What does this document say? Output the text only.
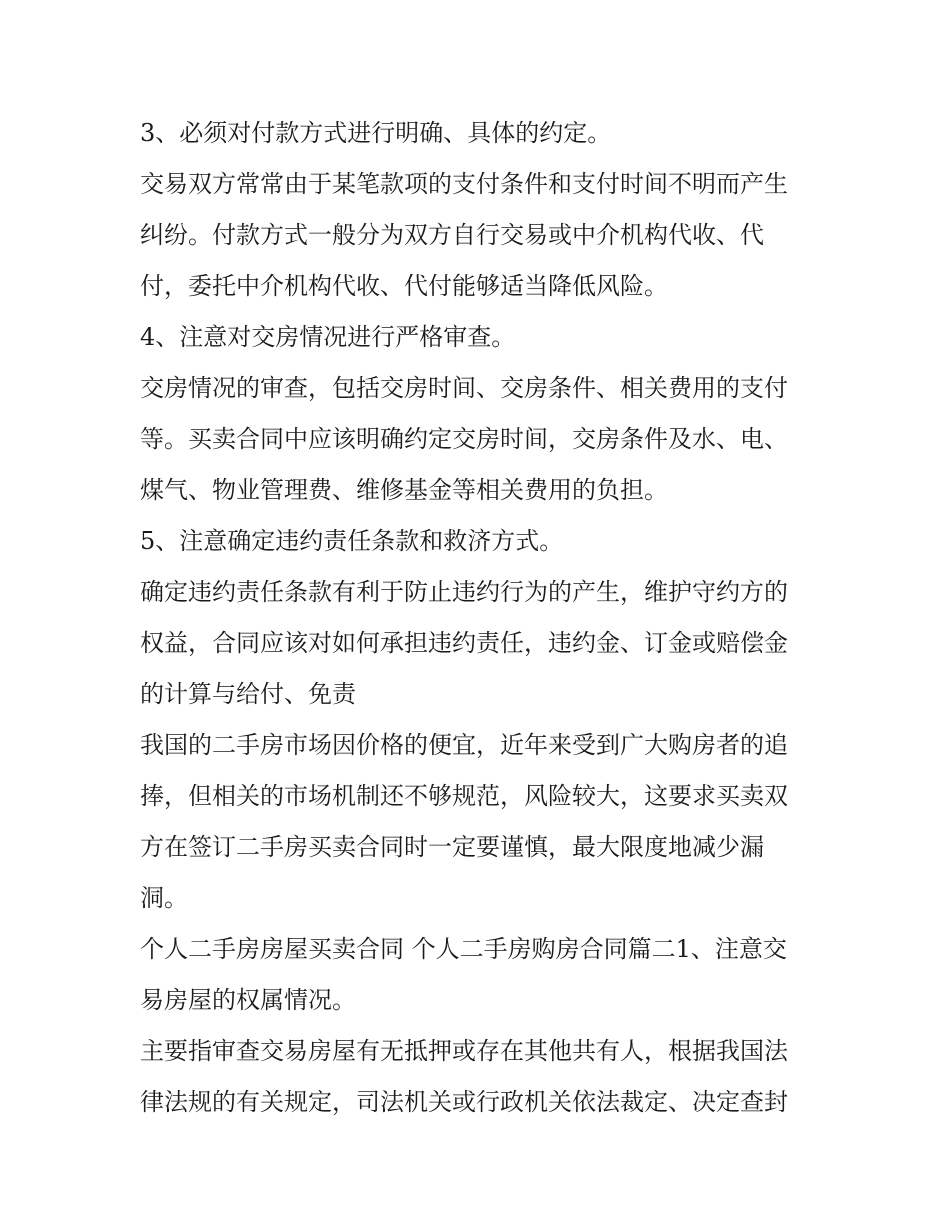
3、必须对付款方式进行明确、具体的约定。

交易双方常常由于某笔款项的支付条件和支付时间不明而产生
纠纷。付款方式一般分为双方自行交易或中介机构代收、代
付，委托中介机构代收、代付能够适当降低风险。

4、注意对交房情况进行严格审查。

交房情况的审查，包括交房时间、交房条件、相关费用的支付
等。买卖合同中应该明确约定交房时间，交房条件及水、电、
煤气、物业管理费、维修基金等相关费用的负担。

5、注意确定违约责任条款和救济方式。

确定违约责任条款有利于防止违约行为的产生，维护守约方的
权益，合同应该对如何承担违约责任，违约金、订金或赔偿金
的计算与给付、免责

我国的二手房市场因价格的便宜，近年来受到广大购房者的追
捧，但相关的市场机制还不够规范，风险较大，这要求买卖双
方在签订二手房买卖合同时一定要谨慎，最大限度地减少漏
洞。

个人二手房房屋买卖合同 个人二手房购房合同篇二1、注意交
易房屋的权属情况。

主要指审查交易房屋有无抵押或存在其他共有人，根据我国法
律法规的有关规定，司法机关或行政机关依法裁定、决定查封
